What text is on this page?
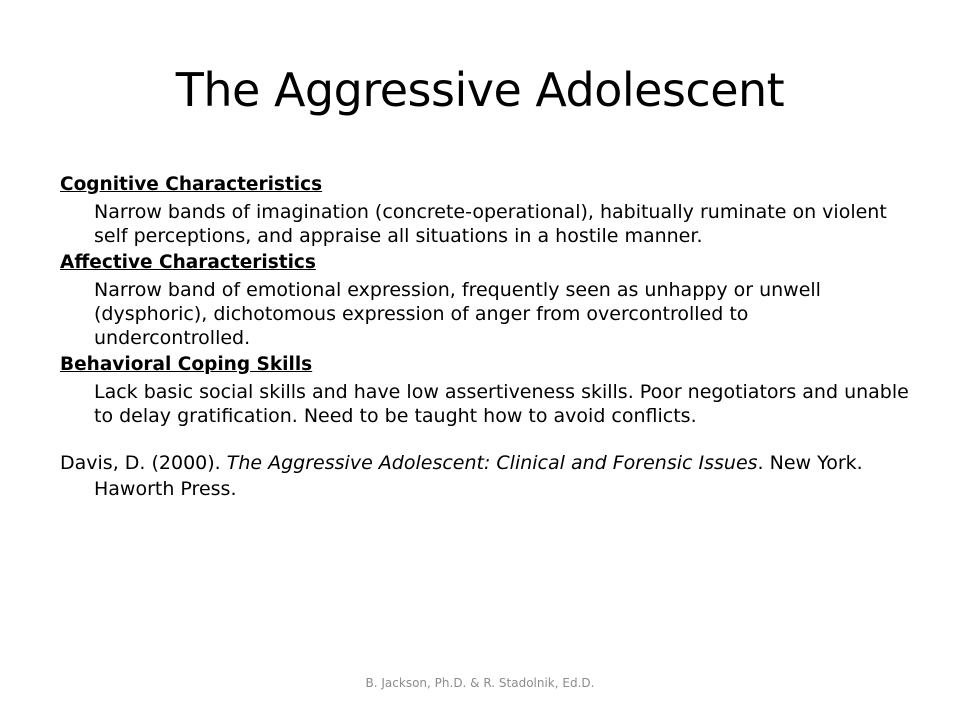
The Aggressive Adolescent

Cognitive Characteristics

Narrow bands of imagination (concrete-operational), habitually ruminate on violent self perceptions, and appraise all situations in a hostile manner.

Affective Characteristics

Narrow band of emotional expression, frequently seen as unhappy or unwell (dysphoric), dichotomous expression of anger from overcontrolled to undercontrolled.

Behavioral Coping Skills

Lack basic social skills and have low assertiveness skills. Poor negotiators and unable to delay gratification. Need to be taught how to avoid conflicts.

Davis, D. (2000). The Aggressive Adolescent: Clinical and Forensic Issues. New York. Haworth Press.

B. Jackson, Ph.D. & R. Stadolnik, Ed.D.
